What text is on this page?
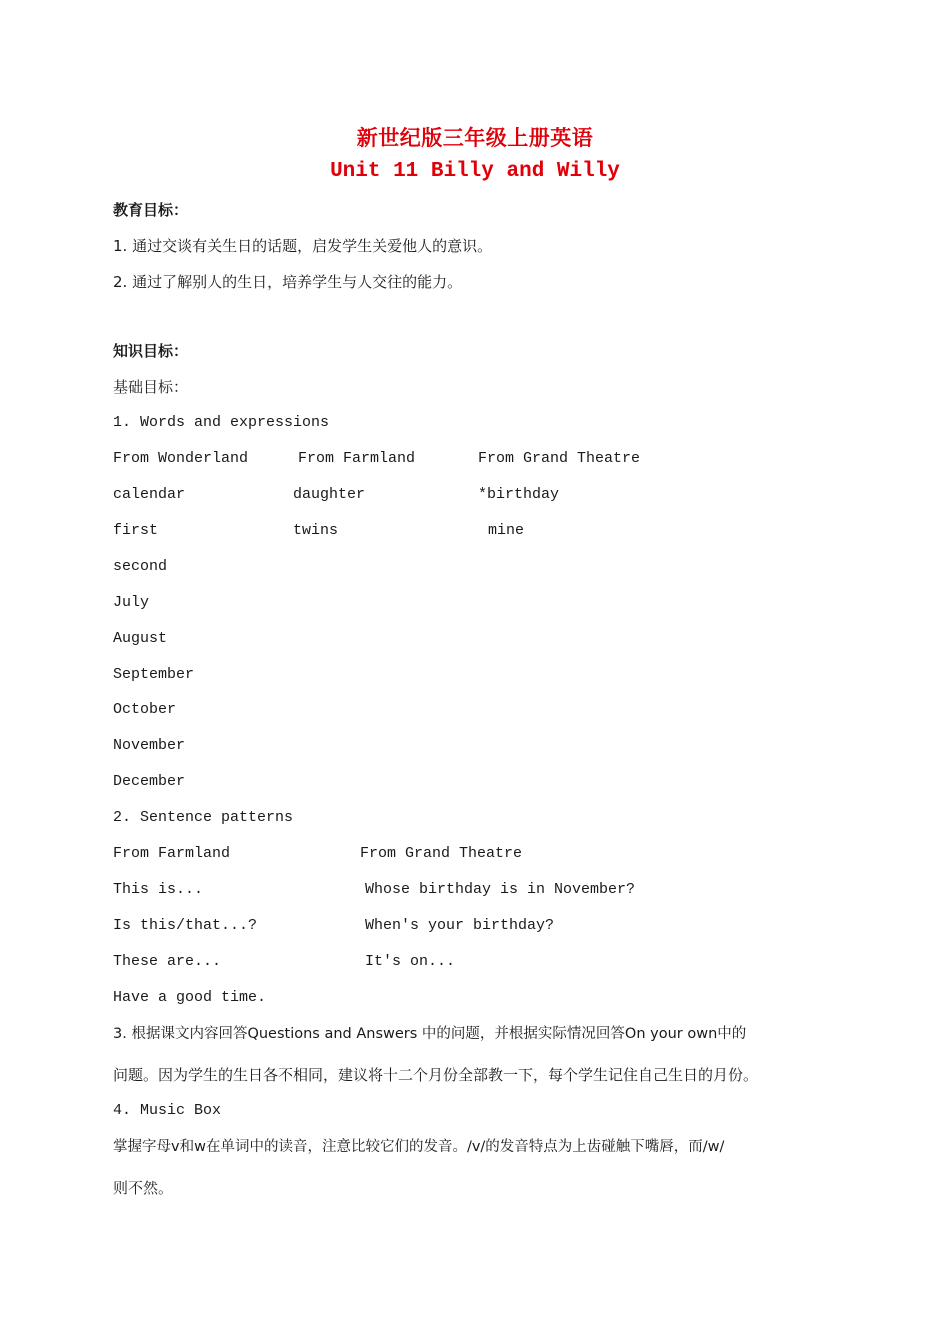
新世纪版三年级上册英语
Unit 11 Billy and Willy
教育目标：
1. 通过交谈有关生日的话题，启发学生关爱他人的意识。
2. 通过了解别人的生日，培养学生与人交往的能力。
知识目标：
基础目标：
1. Words and expressions
From Wonderland	From Farmland	From Grand Theatre
calendar	daughter	*birthday
first	twins	mine
second
July
August
September
October
November
December
2. Sentence patterns
From Farmland	From Grand Theatre
This is...	Whose birthday is in November?
Is this/that...?	When's your birthday?
These are...	It's on...
Have a good time.
3. 根据课文内容回答Questions and Answers 中的问题，并根据实际情况回答On your own中的
问题。因为学生的生日各不相同，建议将十二个月份全部教一下，每个学生记住自己生日的月份。
4. Music Box
掌握字母v和w在单词中的读音，注意比较它们的发音。/v/的发音特点为上齿碰触下嘴唇，而/w/
则不然。
